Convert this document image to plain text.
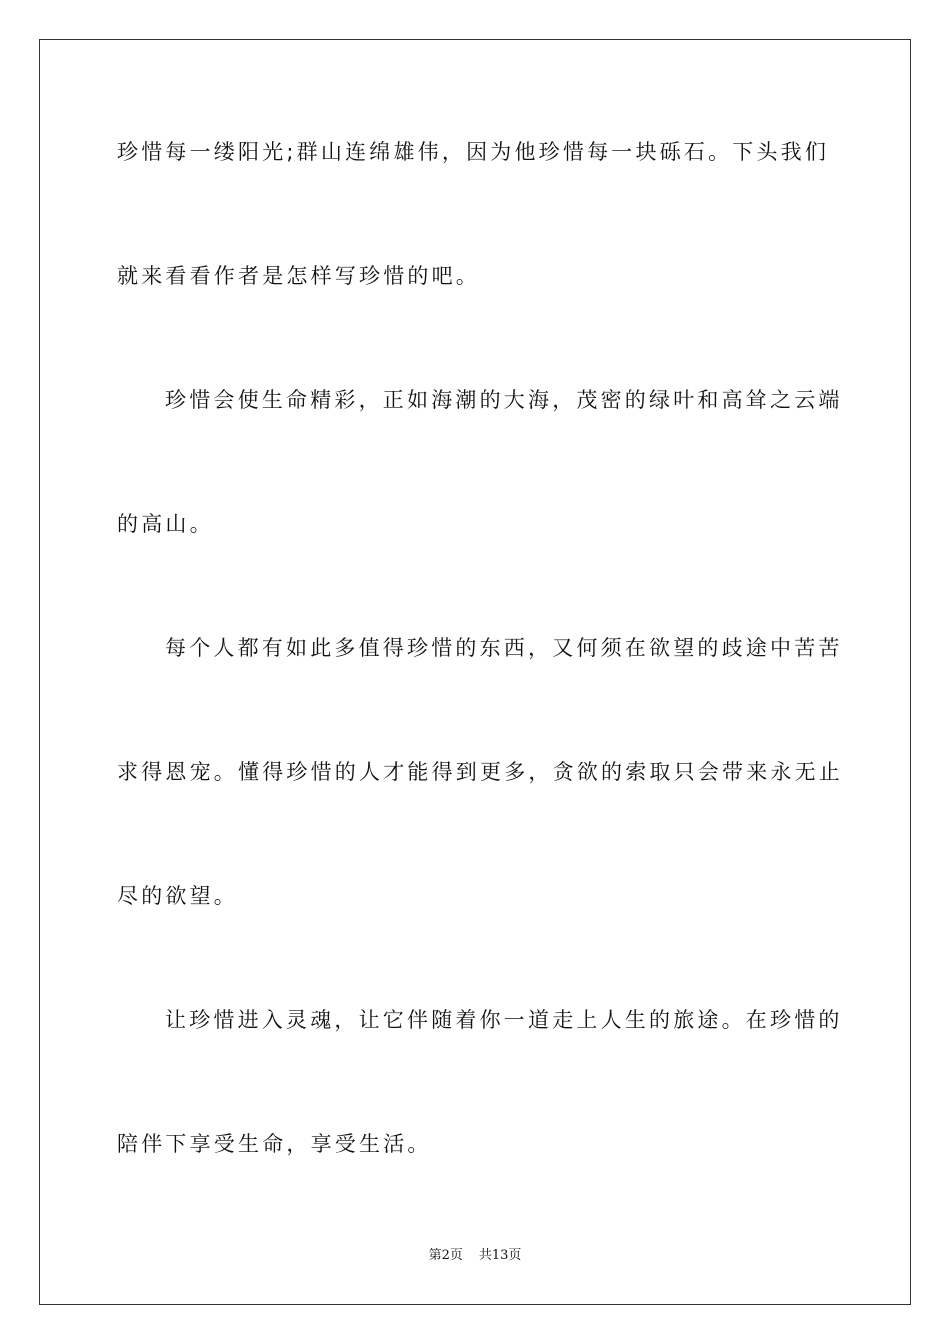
珍惜每一缕阳光;群山连绵雄伟，因为他珍惜每一块砾石。下头我们
就来看看作者是怎样写珍惜的吧。
珍惜会使生命精彩，正如海潮的大海，茂密的绿叶和高耸之云端
的高山。
每个人都有如此多值得珍惜的东西，又何须在欲望的歧途中苦苦
求得恩宠。懂得珍惜的人才能得到更多，贪欲的索取只会带来永无止
尽的欲望。
让珍惜进入灵魂，让它伴随着你一道走上人生的旅途。在珍惜的
陪伴下享受生命，享受生活。
第2页 共13页
